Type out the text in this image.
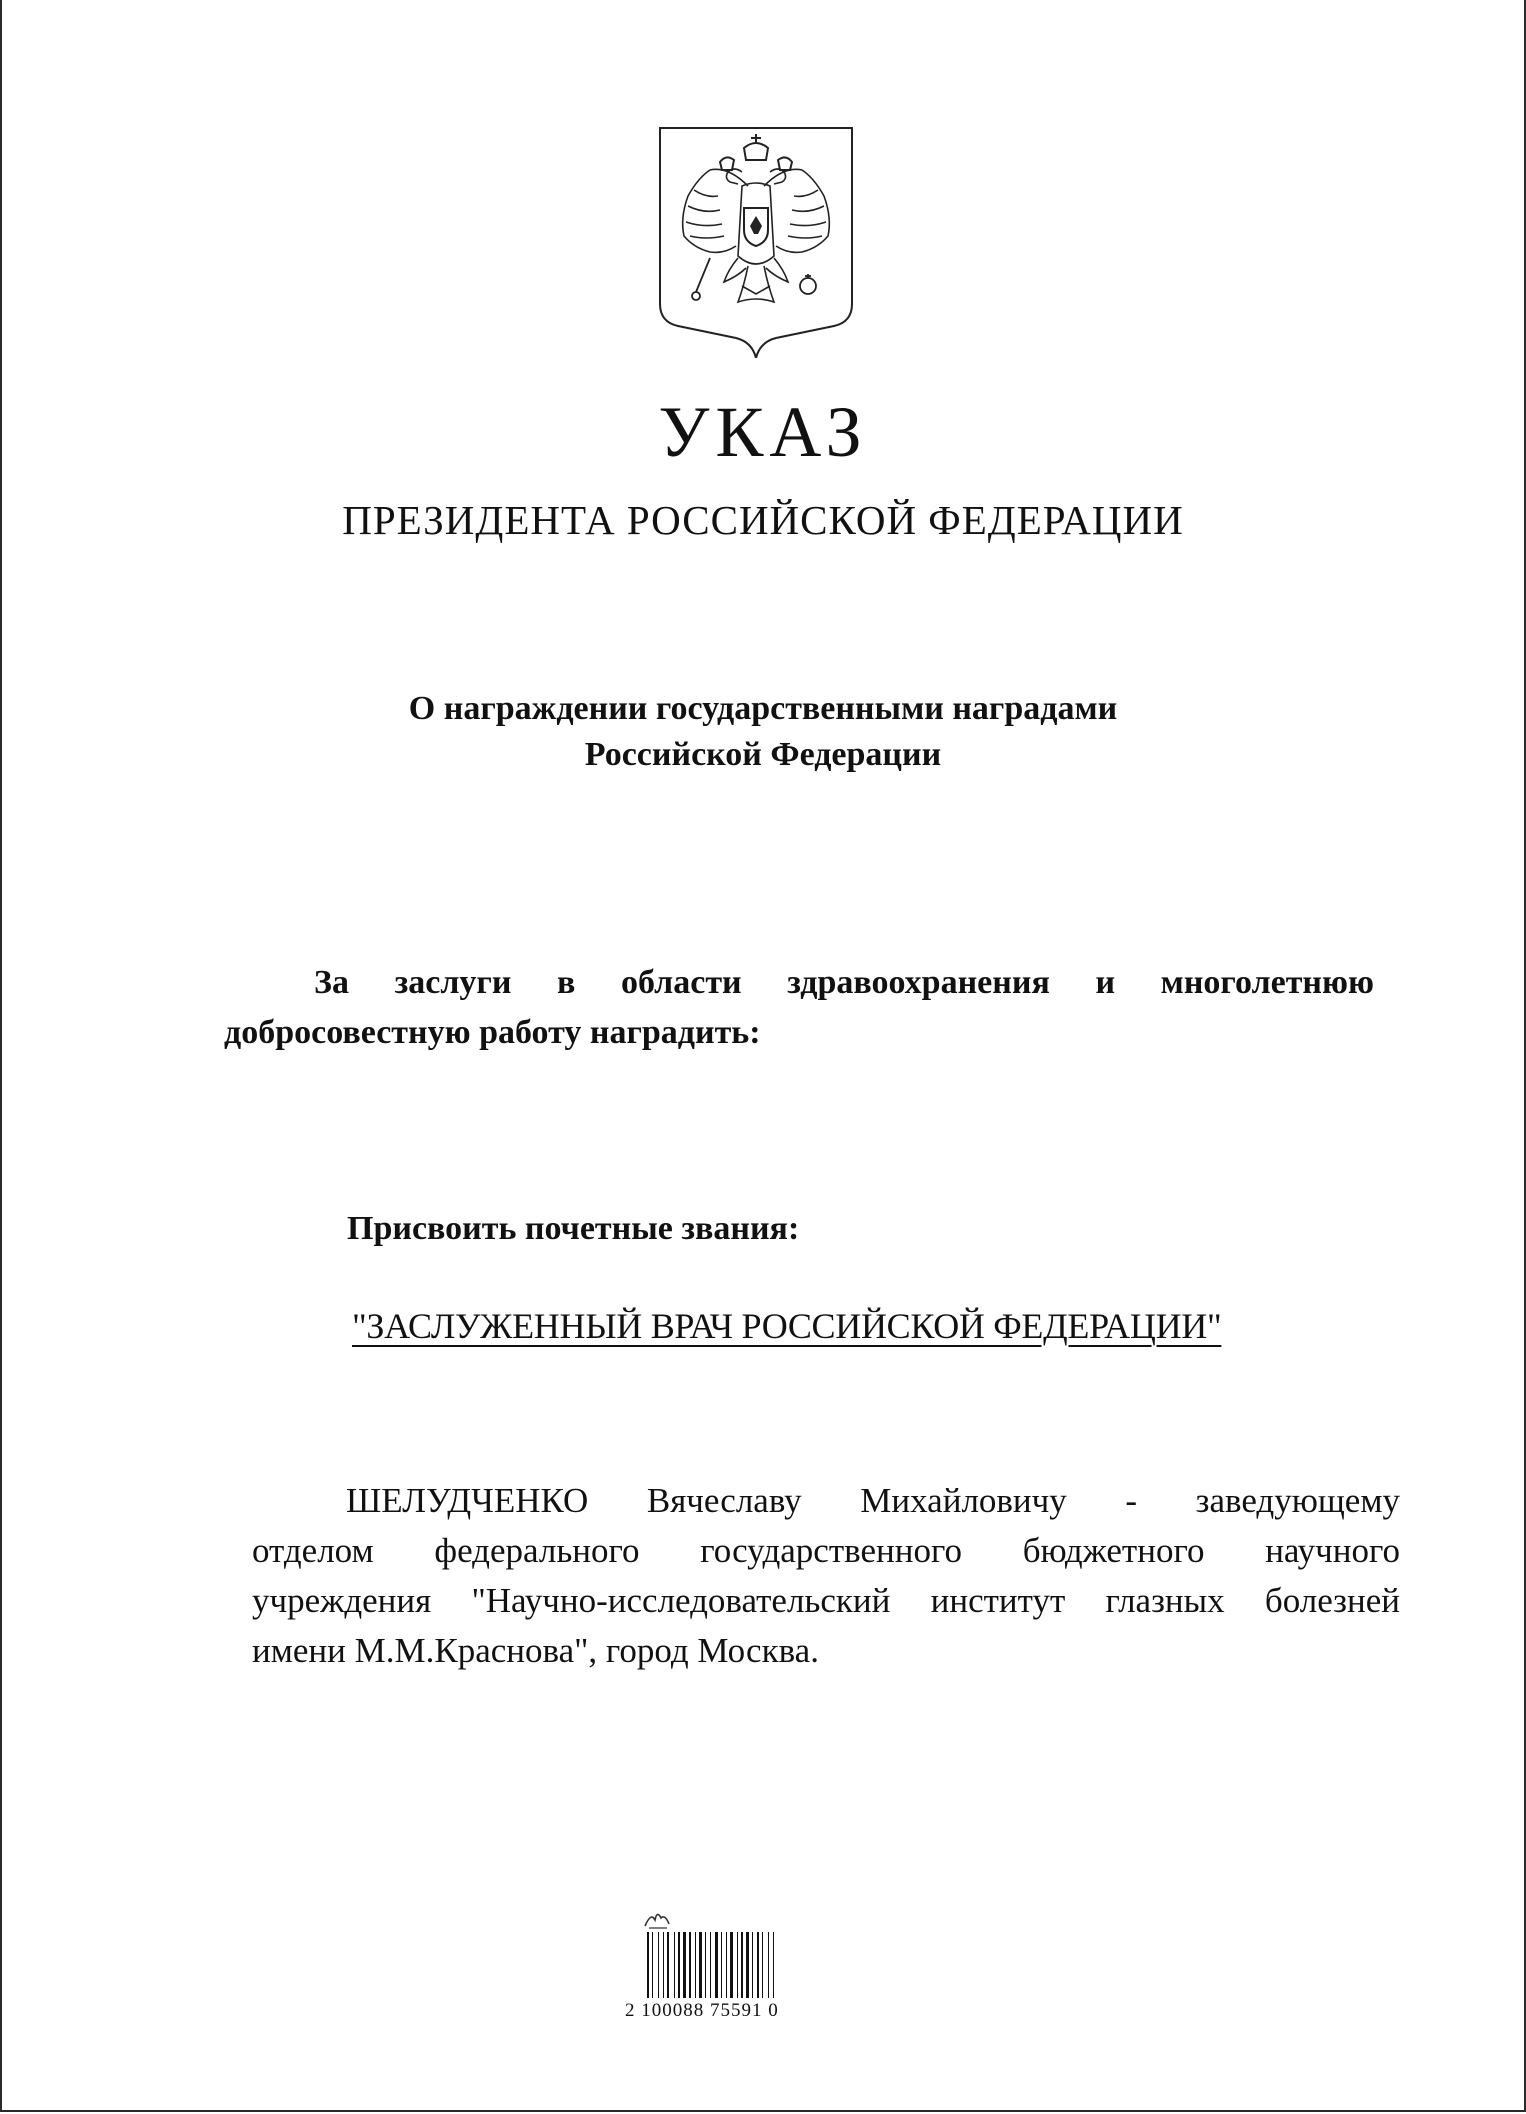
УКАЗ
ПРЕЗИДЕНТА РОССИЙСКОЙ ФЕДЕРАЦИИ
О награждении государственными наградами
Российской Федерации
За заслуги в области здравоохранения и многолетнюю
добросовестную работу наградить:
Присвоить почетные звания:
"ЗАСЛУЖЕННЫЙ ВРАЧ РОССИЙСКОЙ ФЕДЕРАЦИИ"
ШЕЛУДЧЕНКО Вячеславу Михайловичу - заведующему
отделом федерального государственного бюджетного научного
учреждения "Научно-исследовательский институт глазных болезней
имени М.М.Краснова", город Москва.
2 100088 75591 0
